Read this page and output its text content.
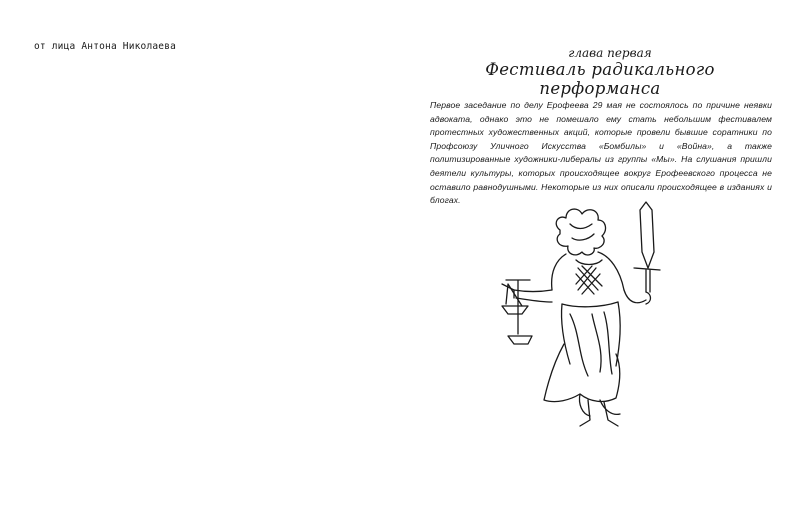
от лица Антона Николаева	глава первая
Фестиваль радикального перформанса
Первое заседание по делу Ерофеева 29 мая не состоялось по причине неявки адвоката, однако это не помешало ему стать небольшим фестивалем протестных художественных акций, которые провели бывшие соратники по Профсоюзу Уличного Искусства «Бомбилы» и «Война», а также политизированные художники-либералы из группы «Мы». На слушания пришли деятели культуры, которых происходящее вокруг Ерофеевского процесса не оставило равнодушными. Некоторые из них описали происходящее в изданиях и блогах.
